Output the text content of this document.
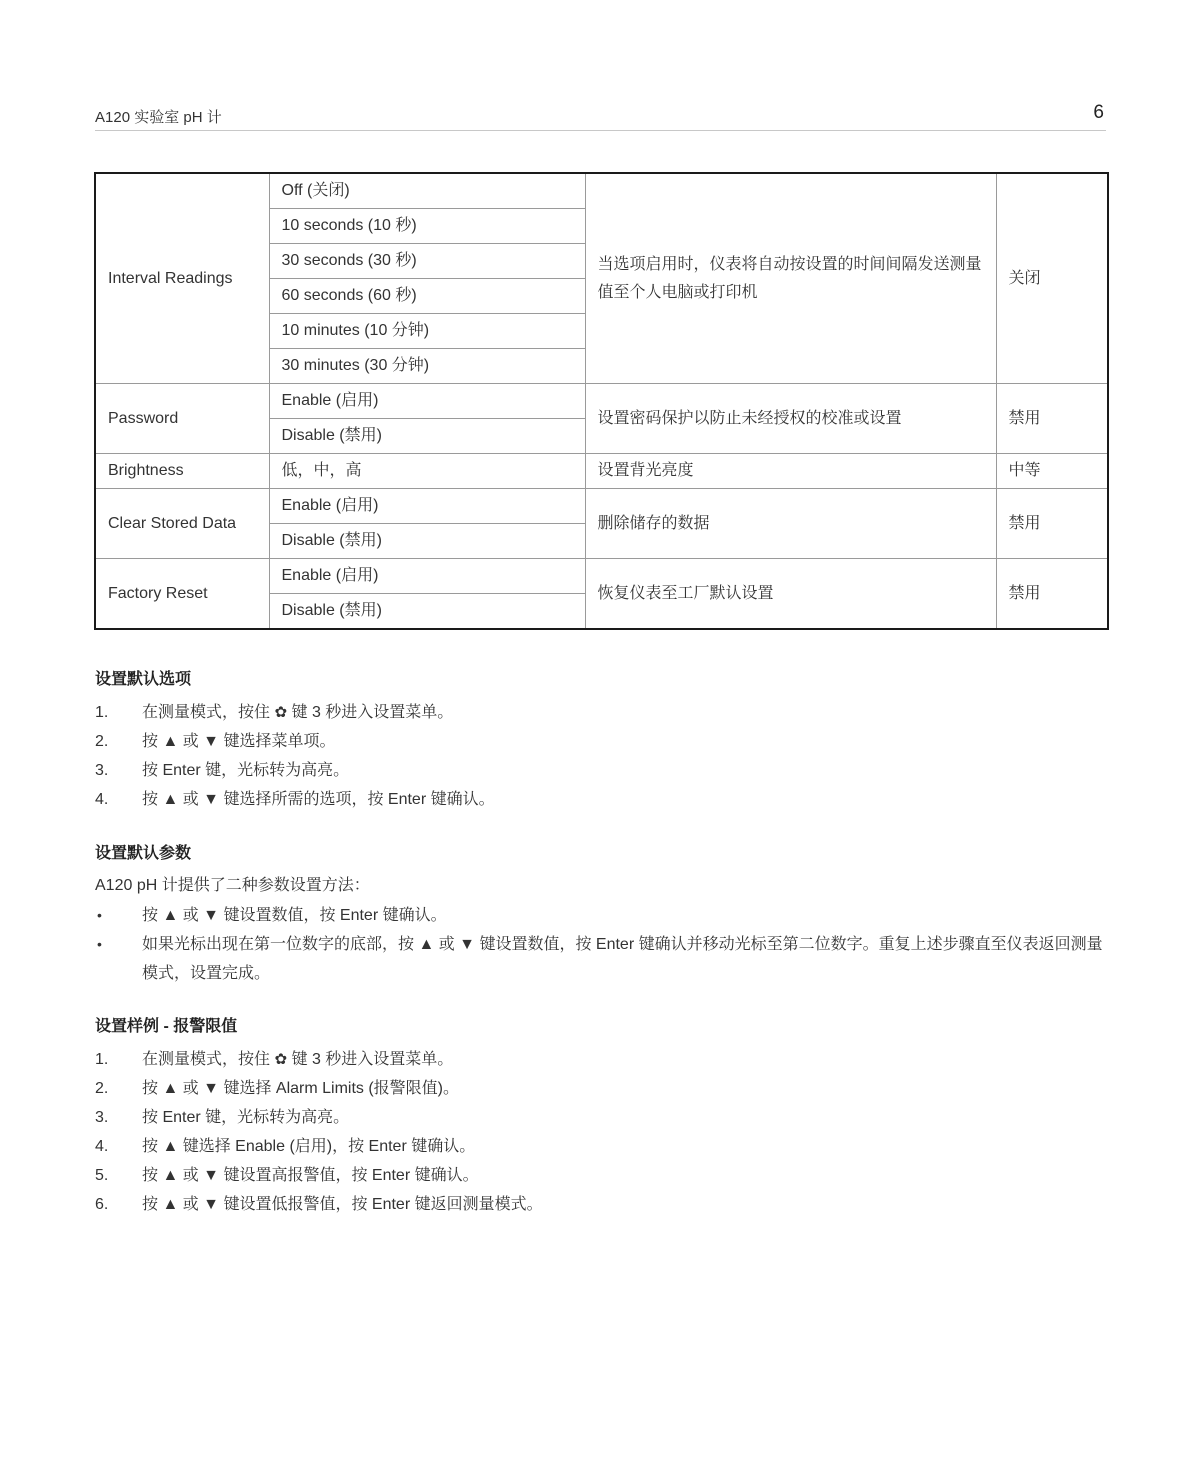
A120 实验室 pH 计	6
Interval Readings	Off (关闭)	当选项启用时，仪表将自动按设置的时间间隔发送测量值至个人电脑或打印机	关闭
	10 seconds (10 秒)		
	30 seconds (30 秒)		
	60 seconds (60 秒)		
	10 minutes (10 分钟)		
	30 minutes (30 分钟)		
Password	Enable (启用)	设置密码保护以防止未经授权的校准或设置	禁用
	Disable (禁用)		
Brightness	低，中，高	设置背光亮度	中等
Clear Stored Data	Enable (启用)	删除储存的数据	禁用
	Disable (禁用)		
Factory Reset	Enable (启用)	恢复仪表至工厂默认设置	禁用
	Disable (禁用)		
设置默认选项
1.	在测量模式，按住 ✿ 键 3 秒进入设置菜单。
2.	按 ▲ 或 ▼ 键选择菜单项。
3.	按 Enter 键，光标转为高亮。
4.	按 ▲ 或 ▼ 键选择所需的选项，按 Enter 键确认。
设置默认参数
A120 pH 计提供了二种参数设置方法：
•	按 ▲ 或 ▼ 键设置数值，按 Enter 键确认。
•	如果光标出现在第一位数字的底部，按 ▲ 或 ▼ 键设置数值，按 Enter 键确认并移动光标至第二位数字。重复上述步骤直至仪表返回测量模式，设置完成。
设置样例 - 报警限值
1.	在测量模式，按住 ✿ 键 3 秒进入设置菜单。
2.	按 ▲ 或 ▼ 键选择 Alarm Limits (报警限值)。
3.	按 Enter 键，光标转为高亮。
4.	按 ▲ 键选择 Enable (启用)，按 Enter 键确认。
5.	按 ▲ 或 ▼ 键设置高报警值，按 Enter 键确认。
6.	按 ▲ 或 ▼ 键设置低报警值，按 Enter 键返回测量模式。
